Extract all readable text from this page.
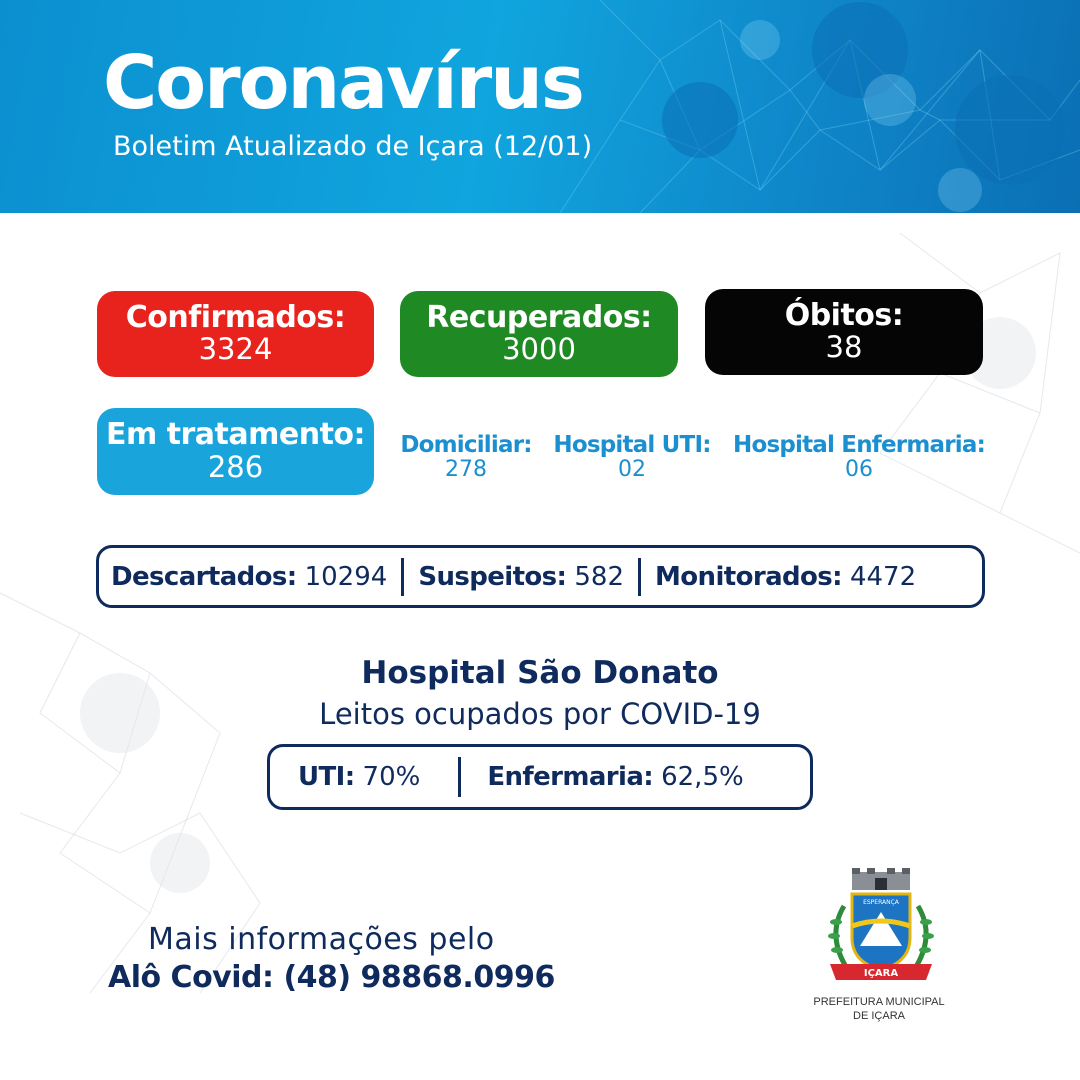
Coronavírus
Boletim Atualizado de Içara (12/01)
Confirmados:
3324
Recuperados:
3000
Óbitos:
38
Em tratamento:
286
Domiciliar:
278
Hospital UTI:
02
Hospital Enfermaria:
06
Descartados: 10294 Suspeitos: 582 Monitorados: 4472
Hospital São Donato
Leitos ocupados por COVID-19
UTI: 70%	Enfermaria: 62,5%
Mais informações pelo
Alô Covid: (48) 98868.0996	IÇARA
ESPERANÇA
PREFEITURA MUNICIPAL
DE IÇARA
